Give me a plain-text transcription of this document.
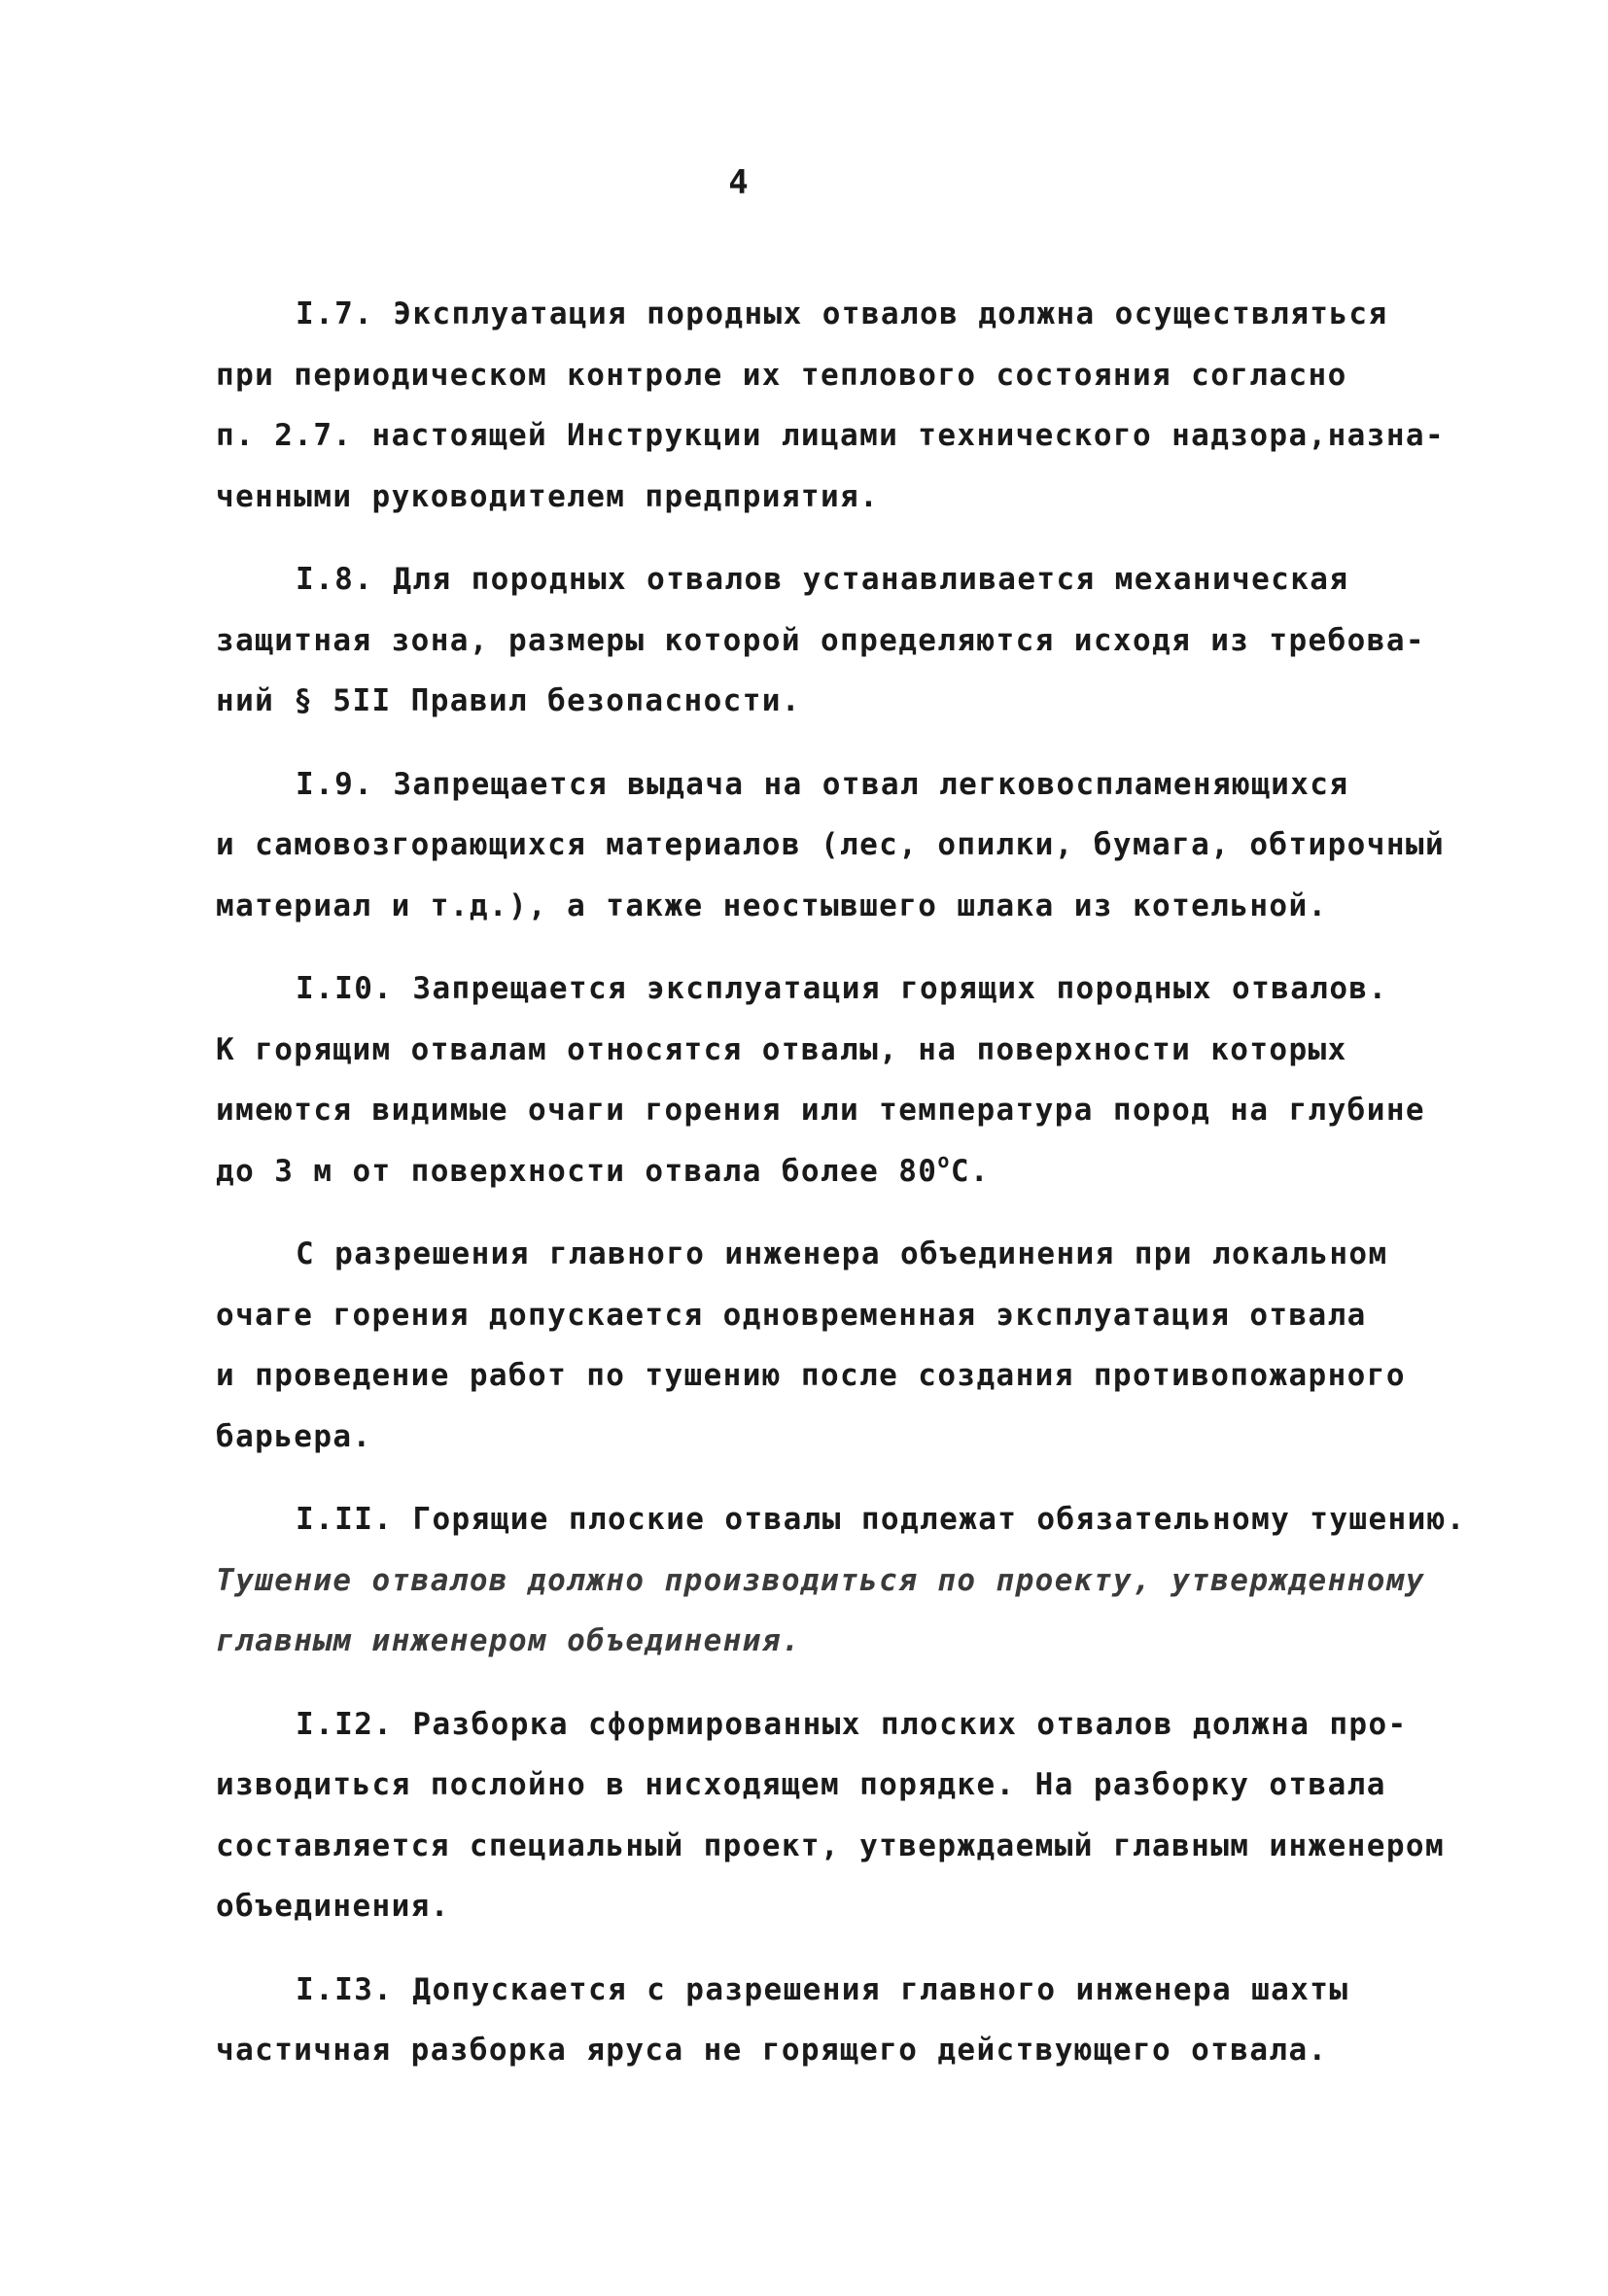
4

I.7. Эксплуатация породных отвалов должна осуществляться
при периодическом контроле их теплового состояния согласно
п. 2.7. настоящей Инструкции лицами технического надзора,назна-
ченными руководителем предприятия.

I.8. Для породных отвалов устанавливается механическая
защитная зона, размеры которой определяются исходя из требова-
ний § 5II Правил безопасности.

I.9. Запрещается выдача на отвал легковоспламеняющихся
и самовозгорающихся материалов (лес, опилки, бумага, обтирочный
материал и т.д.), а также неостывшего шлака из котельной.

I.I0. Запрещается эксплуатация горящих породных отвалов.
К горящим отвалам относятся отвалы, на поверхности которых
имеются видимые очаги горения или температура пород на глубине
до 3 м от поверхности отвала более $80^оС$.

С разрешения главного инженера объединения при локальном
очаге горения допускается одновременная эксплуатация отвала
и проведение работ по тушению после создания противопожарного
барьера.

I.II. Горящие плоские отвалы подлежат обязательному тушению.
Тушение отвалов должно производиться по проекту, утвержденному
главным инженером объединения.

I.I2. Разборка сформированных плоских отвалов должна про-
изводиться послойно в нисходящем порядке. На разборку отвала
составляется специальный проект, утверждаемый главным инженером
объединения.

I.I3. Допускается с разрешения главного инженера шахты
частичная разборка яруса не горящего действующего отвала.
